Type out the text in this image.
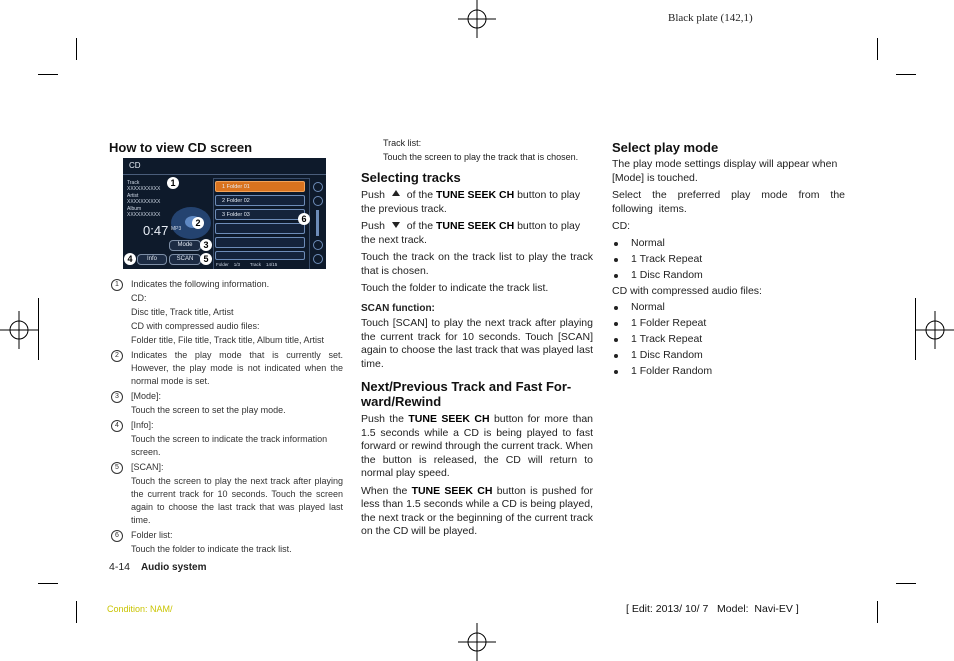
Black plate (142,1)
How to view CD screen
CD
Track
XXXXXXXXXX
Artist
XXXXXXXXXX
Album
XXXXXXXXXX
0:47 MP3
1 Folder 01
2 Folder 02
3 Folder 03
Mode
Info	SCAN
Folder    1/3        Track    14/15
1
2
3
4	5
6
1	Indicates the following information.
CD:
Disc title, Track title, Artist
CD with compressed audio files:
Folder title, File title, Track title, Album title, Artist
2	Indicates the play mode that is currently set. However, the play mode is not indicated when the normal mode is set.
3	[Mode]:
Touch the screen to set the play mode.
4	[Info]:
Touch the screen to indicate the track information screen.
5	[SCAN]:
Touch the screen to play the next track after playing the current track for 10 seconds. Touch the screen again to choose the last track that was played last time.
6	Folder list:
Touch the folder to indicate the track list.
Track list:
Touch the screen to play the track that is chosen.
Selecting tracks

Push of the TUNE SEEK CH button to play the previous track.

Push of the TUNE SEEK CH button to play the next track.

Touch the track on the track list to play the track that is chosen.

Touch the folder to indicate the track list.

SCAN function:

Touch [SCAN] to play the next track after playing the current track for 10 seconds. Touch [SCAN] again to choose the last track that was played last time.

Next/Previous Track and Fast For-ward/Rewind

Push the TUNE SEEK CH button for more than 1.5 seconds while a CD is being played to fast forward or rewind through the current track. When the button is released, the CD will return to normal play speed.

When the TUNE SEEK CH button is pushed for less than 1.5 seconds while a CD is being played, the next track or the beginning of the current track on the CD will be played.

Select play mode

The play mode settings display will appear when [Mode] is touched.

Select the preferred play mode from the following items.

CD:

Normal
1 Track Repeat
1 Disc Random

CD with compressed audio files:

Normal
1 Folder Repeat
1 Track Repeat
1 Disc Random
1 Folder Random
4-14 Audio system
Condition: NAM/	[ Edit: 2013/ 10/ 7   Model:  Navi-EV ]
